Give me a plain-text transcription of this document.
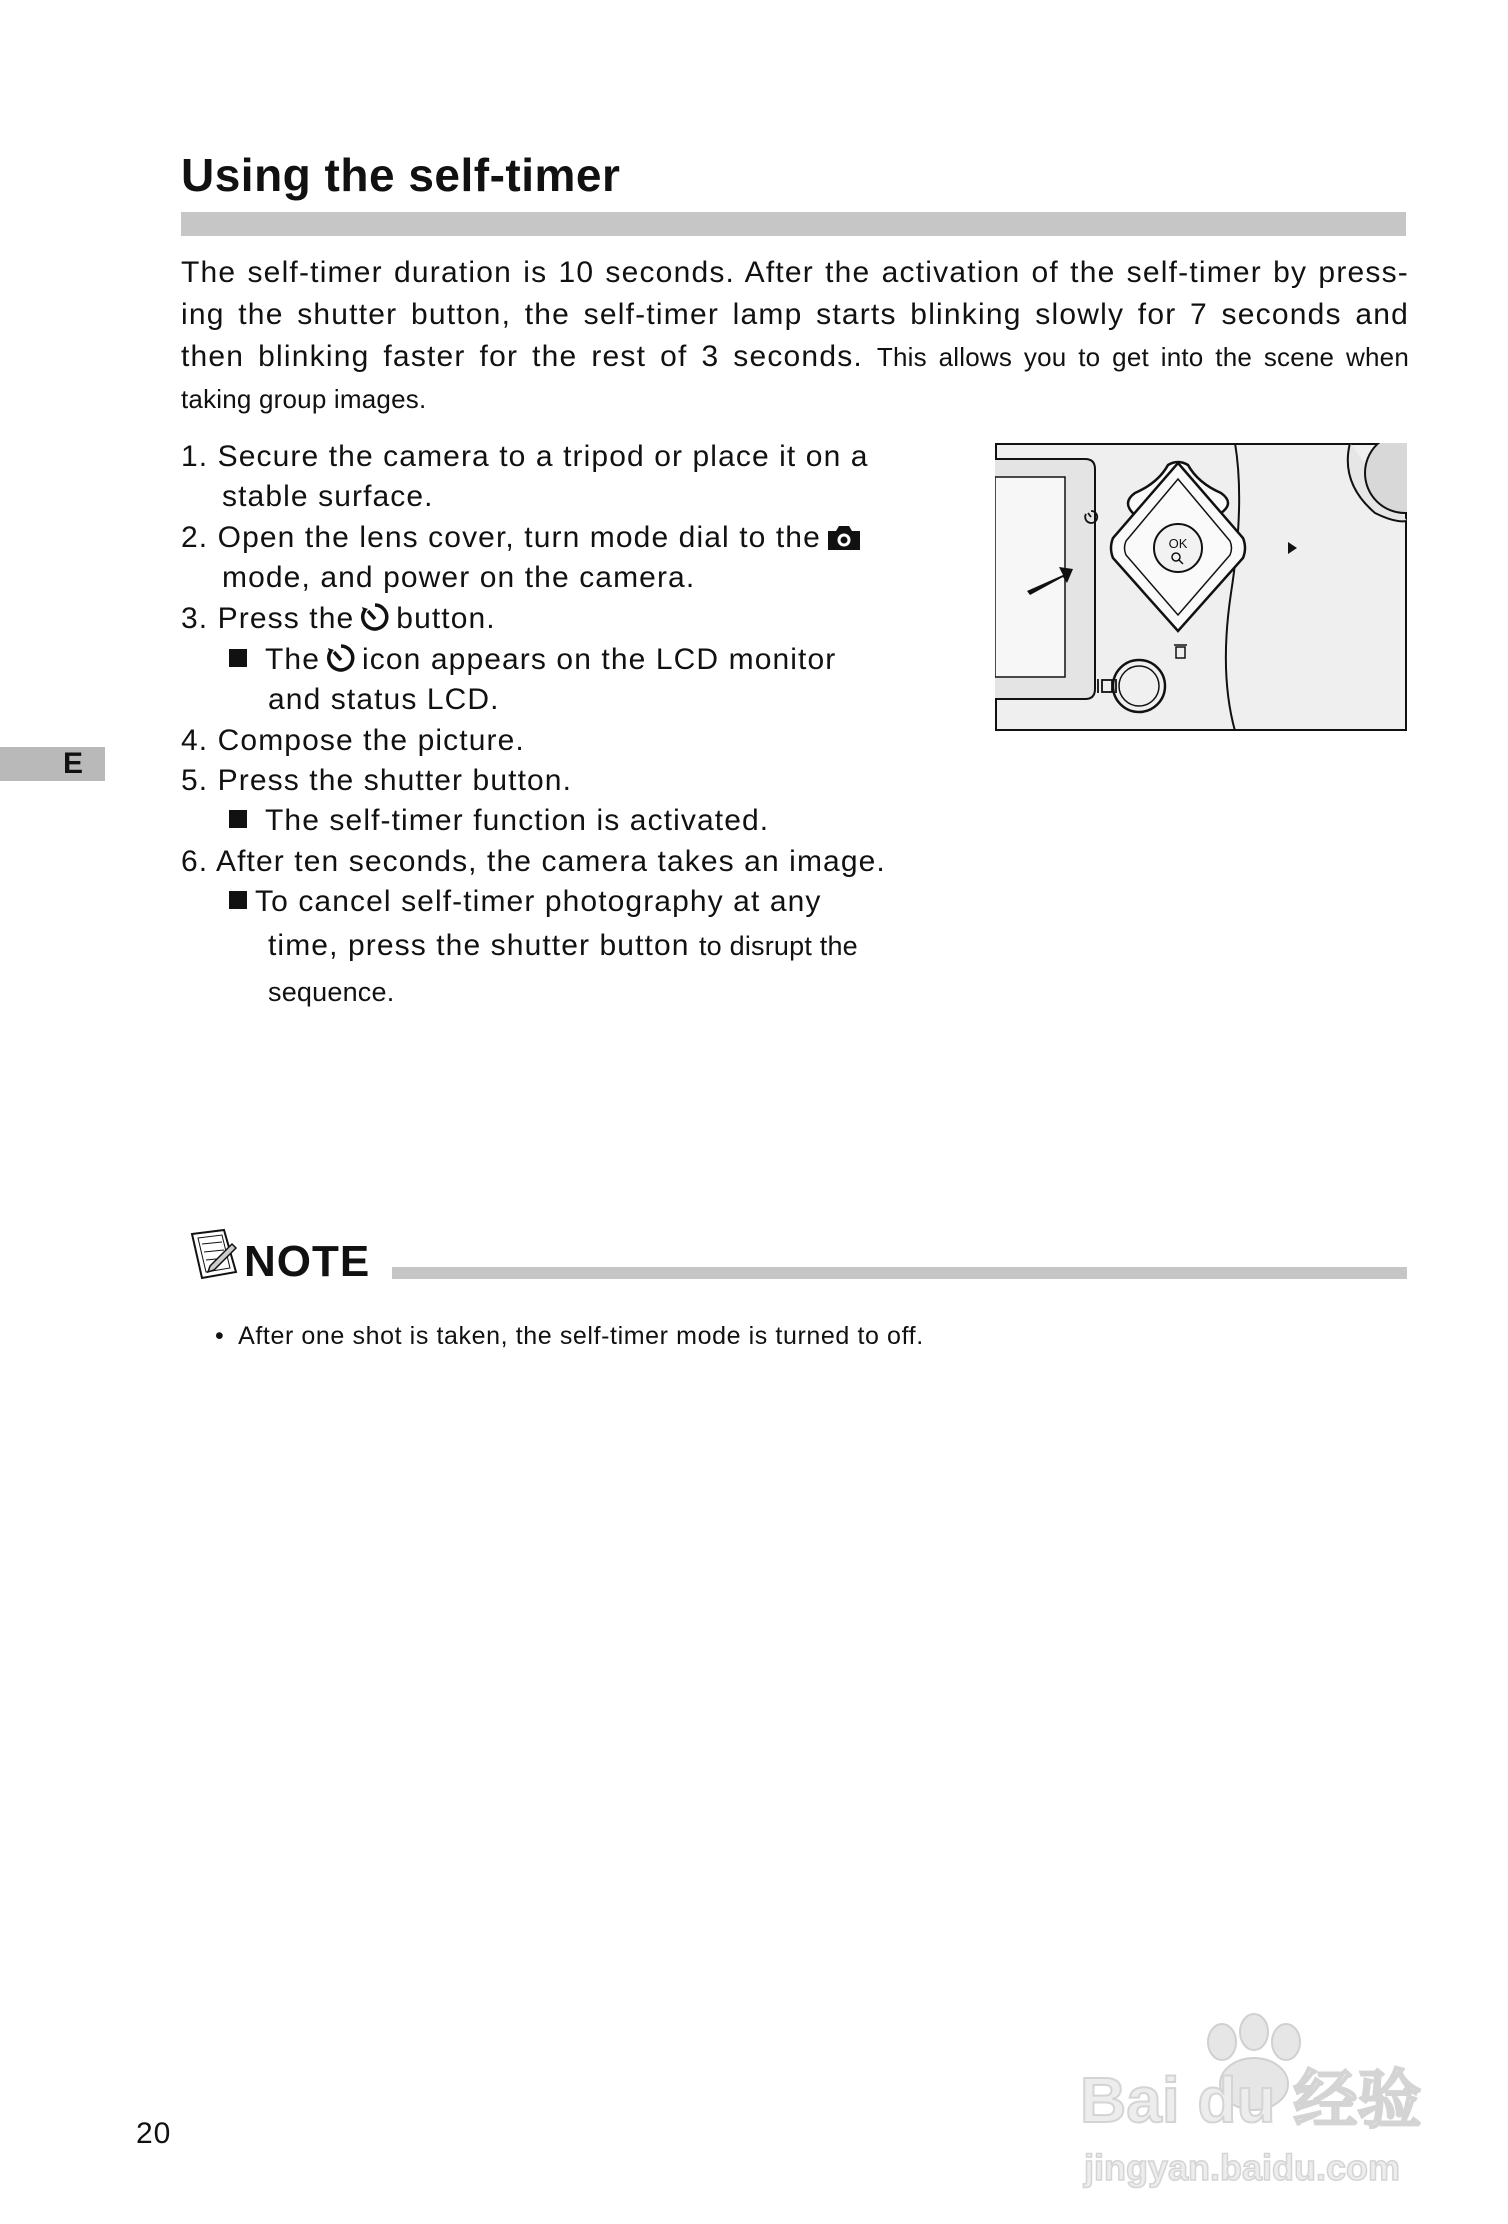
Using the self-timer

The self-timer duration is 10 seconds. After the activation of the self-timer by press-ing the shutter button, the self-timer lamp starts blinking slowly for 7 seconds and then blinking faster for the rest of 3 seconds. This allows you to get into the scene when taking group images.

1. Secure the camera to a tripod or place it on a
stable surface.
2. Open the lens cover, turn mode dial to the
mode, and power on the camera.
3. Press the button.
The icon appears on the LCD monitor
and status LCD.
4. Compose the picture.
5. Press the shutter button.
The self-timer function is activated.
6. After ten seconds, the camera takes an image.
To cancel self-timer photography at any
time, press the shutter button to disrupt the
sequence.
OK
E
NOTE
• After one shot is taken, the self-timer mode is turned to off.
20	Bai du 经验
jingyan.baidu.com
